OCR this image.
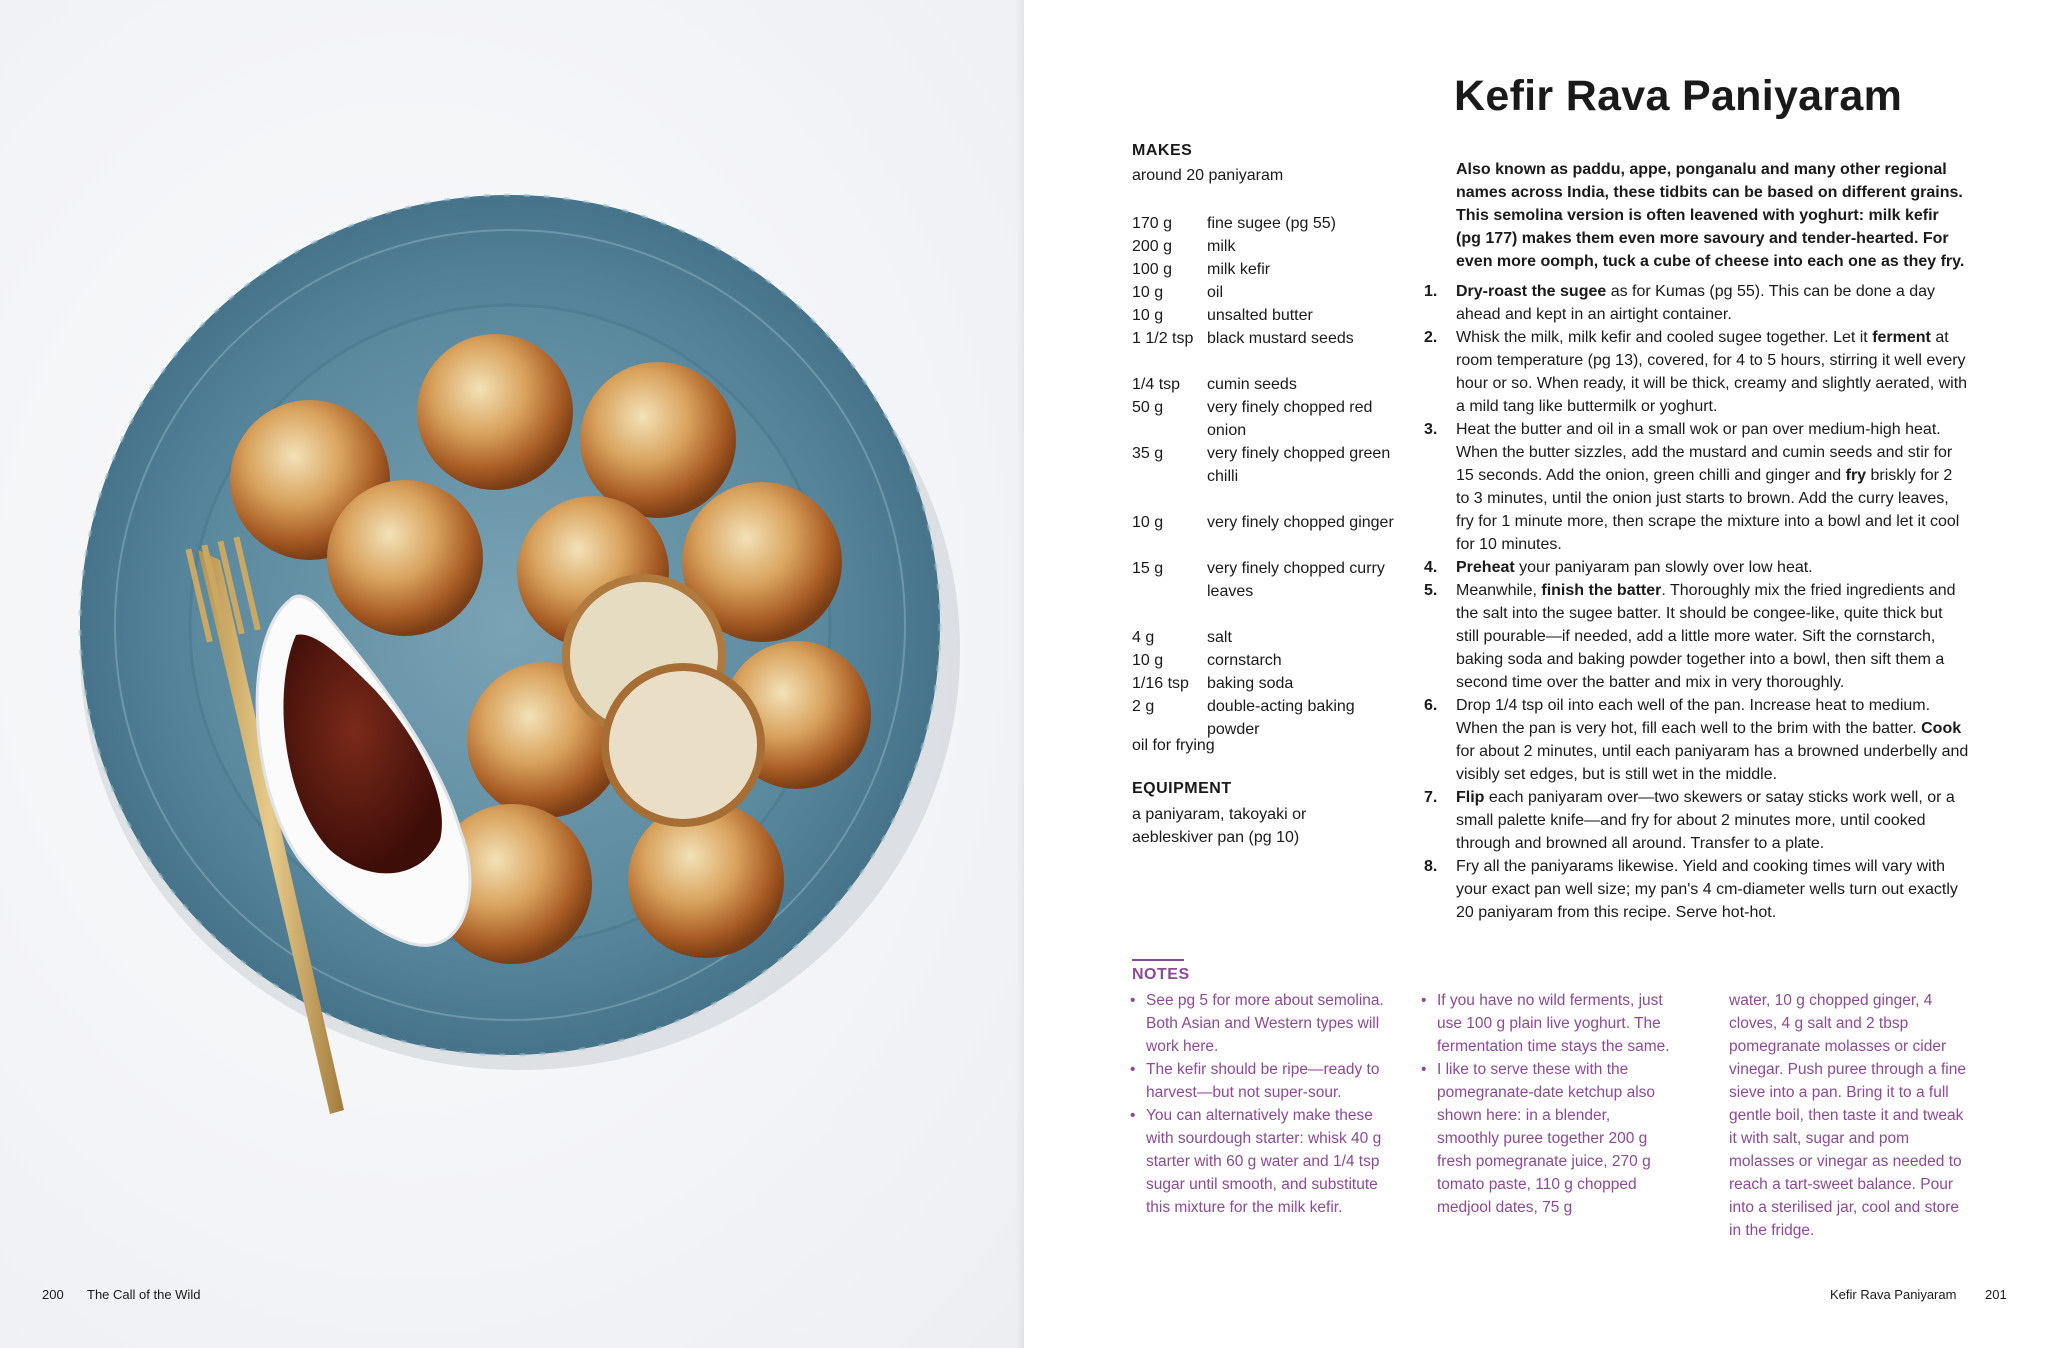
Kefir Rava Paniyaram
MAKES
around 20 paniyaram
170 g	fine sugee (pg 55)
200 g	milk
100 g	milk kefir
10 g	oil
10 g	unsalted butter
1 1/2 tsp black mustard seeds
1/4 tsp	cumin seeds
50 g	very finely chopped red onion
35 g	very finely chopped green chilli
10 g	very finely chopped ginger
15 g	very finely chopped curry leaves
4 g	salt
10 g	cornstarch
1/16 tsp	baking soda
2 g	double-acting baking powder
oil for frying
EQUIPMENT
a paniyaram, takoyaki or aebleskiver pan (pg 10)

Also known as paddu, appe, ponganalu and many other regional names across India, these tidbits can be based on different grains. This semolina version is often leavened with yoghurt: milk kefir (pg 177) makes them even more savoury and tender-hearted. For even more oomph, tuck a cube of cheese into each one as they fry.

1.	Dry-roast the sugee as for Kumas (pg 55). This can be done a day ahead and kept in an airtight container.
2.	Whisk the milk, milk kefir and cooled sugee together. Let it ferment at room temperature (pg 13), covered, for 4 to 5 hours, stirring it well every hour or so. When ready, it will be thick, creamy and slightly aerated, with a mild tang like buttermilk or yoghurt.
3.	Heat the butter and oil in a small wok or pan over medium-high heat. When the butter sizzles, add the mustard and cumin seeds and stir for 15 seconds. Add the onion, green chilli and ginger and fry briskly for 2 to 3 minutes, until the onion just starts to brown. Add the curry leaves, fry for 1 minute more, then scrape the mixture into a bowl and let it cool for 10 minutes.
4.	Preheat your paniyaram pan slowly over low heat.
5.	Meanwhile, finish the batter. Thoroughly mix the fried ingredients and the salt into the sugee batter. It should be congee-like, quite thick but still pourable—if needed, add a little more water. Sift the cornstarch, baking soda and baking powder together into a bowl, then sift them a second time over the batter and mix in very thoroughly.
6.	Drop 1/4 tsp oil into each well of the pan. Increase heat to medium. When the pan is very hot, fill each well to the brim with the batter. Cook for about 2 minutes, until each paniyaram has a browned underbelly and visibly set edges, but is still wet in the middle.
7.	Flip each paniyaram over—two skewers or satay sticks work well, or a small palette knife—and fry for about 2 minutes more, until cooked through and browned all around. Transfer to a plate.
8.	Fry all the paniyarams likewise. Yield and cooking times will vary with your exact pan well size; my pan's 4 cm-diameter wells turn out exactly 20 paniyaram from this recipe. Serve hot-hot.
NOTES
• See pg 5 for more about semolina. Both Asian and Western types will work here.
• The kefir should be ripe—ready to harvest—but not super-sour.
• You can alternatively make these with sourdough starter: whisk 40 g starter with 60 g water and 1/4 tsp sugar until smooth, and substitute this mixture for the milk kefir.
• If you have no wild ferments, just use 100 g plain live yoghurt. The fermentation time stays the same.
• I like to serve these with the pomegranate-date ketchup also shown here: in a blender, smoothly puree together 200 g fresh pomegranate juice, 270 g tomato paste, 110 g chopped medjool dates, 75 g
water, 10 g chopped ginger, 4 cloves, 4 g salt and 2 tbsp pomegranate molasses or cider vinegar. Push puree through a fine sieve into a pan. Bring it to a full gentle boil, then taste it and tweak it with salt, sugar and pom molasses or vinegar as needed to reach a tart-sweet balance. Pour into a sterilised jar, cool and store in the fridge.
200 The Call of the Wild	Kefir Rava Paniyaram 201
